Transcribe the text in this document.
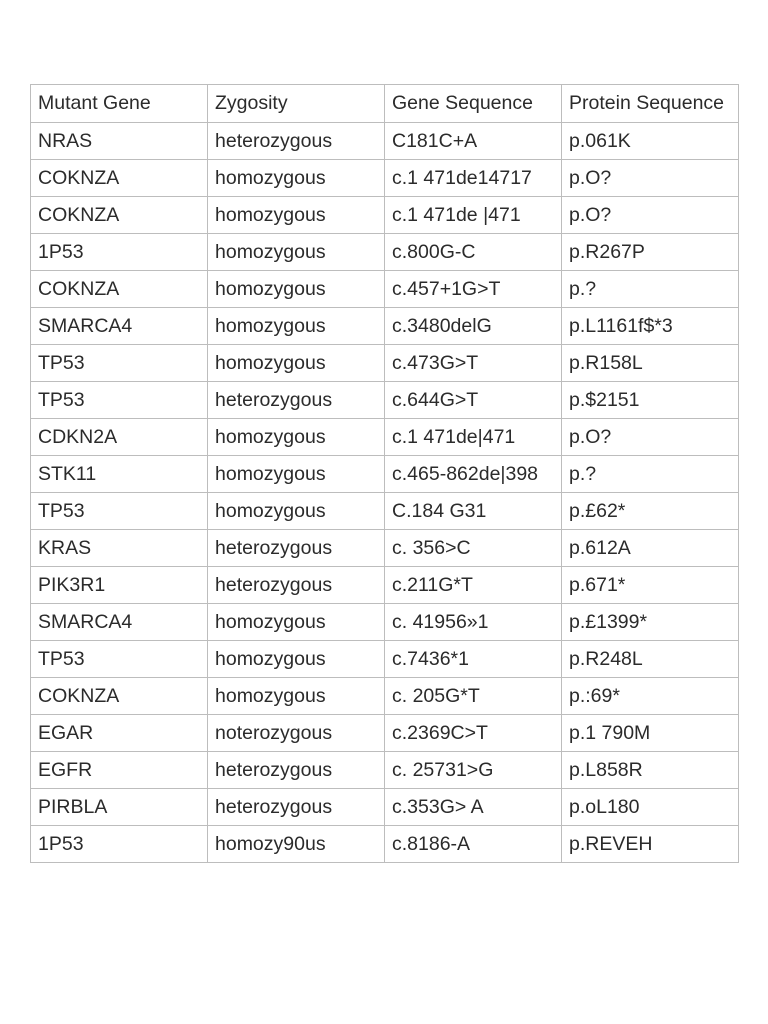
Mutant Gene	Zygosity	Gene Sequence	Protein Sequence
NRAS	heterozygous	C181C+A	p.061K
COKNZA	homozygous	c.1 471de14717	p.O?
COKNZA	homozygous	c.1 471de |471	p.O?
1P53	homozygous	c.800G-C	p.R267P
COKNZA	homozygous	c.457+1G>T	p.?
SMARCA4	homozygous	c.3480delG	p.L1161f$*3
TP53	homozygous	c.473G>T	p.R158L
TP53	heterozygous	c.644G>T	p.$2151
CDKN2A	homozygous	c.1 471de|471	p.O?
STK11	homozygous	c.465-862de|398	p.?
TP53	homozygous	C.184 G31	p.£62*
KRAS	heterozygous	c. 356>C	p.612A
PIK3R1	heterozygous	c.211G*T	p.671*
SMARCA4	homozygous	c. 41956»1	p.£1399*
TP53	homozygous	c.7436*1	p.R248L
COKNZA	homozygous	c. 205G*T	p.:69*
EGAR	noterozygous	c.2369C>T	p.1 790M
EGFR	heterozygous	c. 25731>G	p.L858R
PIRBLA	heterozygous	c.353G> A	p.oL180
1P53	homozy90us	c.8186-A	p.REVEH
